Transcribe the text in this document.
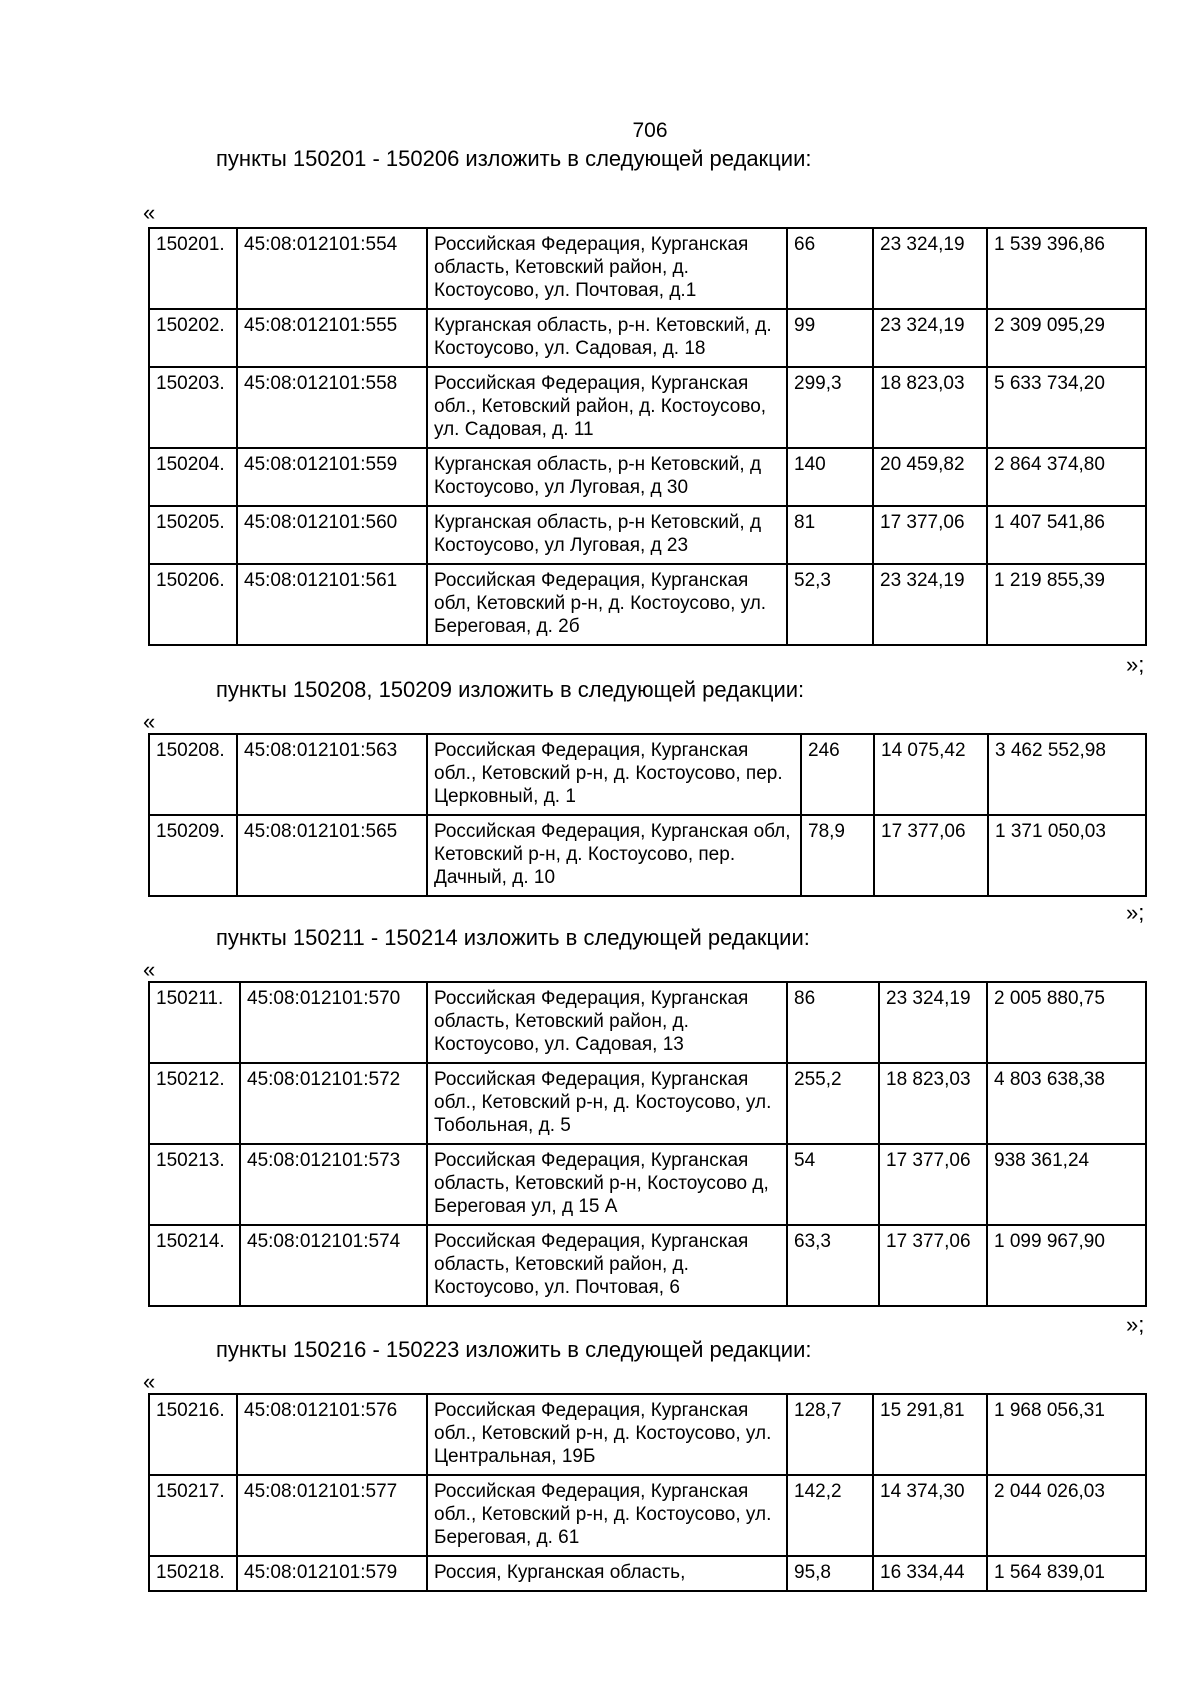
706
пункты 150201 - 150206 изложить в следующей редакции:
«
150201.	45:08:012101:554	Российская Федерация, Курганская область, Кетовский район, д. Костоусово, ул. Почтовая, д.1	66	23 324,19	1 539 396,86
150202.	45:08:012101:555	Курганская область, р-н. Кетовский, д. Костоусово, ул. Садовая, д. 18	99	23 324,19	2 309 095,29
150203.	45:08:012101:558	Российская Федерация, Курганская обл., Кетовский район, д. Костоусово, ул. Садовая, д. 11	299,3	18 823,03	5 633 734,20
150204.	45:08:012101:559	Курганская область, р-н Кетовский, д Костоусово, ул Луговая, д 30	140	20 459,82	2 864 374,80
150205.	45:08:012101:560	Курганская область, р-н Кетовский, д Костоусово, ул Луговая, д 23	81	17 377,06	1 407 541,86
150206.	45:08:012101:561	Российская Федерация, Курганская обл, Кетовский р-н, д. Костоусово, ул. Береговая, д. 2б	52,3	23 324,19	1 219 855,39
»;
пункты 150208, 150209 изложить в следующей редакции:
«
150208.	45:08:012101:563	Российская Федерация, Курганская обл., Кетовский р-н, д. Костоусово, пер. Церковный, д. 1	246	14 075,42	3 462 552,98
150209.	45:08:012101:565	Российская Федерация, Курганская обл, Кетовский р-н, д. Костоусово, пер. Дачный, д. 10	78,9	17 377,06	1 371 050,03
»;
пункты 150211 - 150214 изложить в следующей редакции:
«
150211.	45:08:012101:570	Российская Федерация, Курганская область, Кетовский район, д. Костоусово, ул. Садовая, 13	86	23 324,19	2 005 880,75
150212.	45:08:012101:572	Российская Федерация, Курганская обл., Кетовский р-н, д. Костоусово, ул. Тобольная, д. 5	255,2	18 823,03	4 803 638,38
150213.	45:08:012101:573	Российская Федерация, Курганская область, Кетовский р-н, Костоусово д, Береговая ул, д 15 А	54	17 377,06	938 361,24
150214.	45:08:012101:574	Российская Федерация, Курганская область, Кетовский район, д. Костоусово, ул. Почтовая, 6	63,3	17 377,06	1 099 967,90
»;
пункты 150216 - 150223 изложить в следующей редакции:
«
150216.	45:08:012101:576	Российская Федерация, Курганская обл., Кетовский р-н, д. Костоусово, ул. Центральная, 19Б	128,7	15 291,81	1 968 056,31
150217.	45:08:012101:577	Российская Федерация, Курганская обл., Кетовский р-н, д. Костоусово, ул. Береговая, д. 61	142,2	14 374,30	2 044 026,03
150218.	45:08:012101:579	Россия, Курганская область,	95,8	16 334,44	1 564 839,01
